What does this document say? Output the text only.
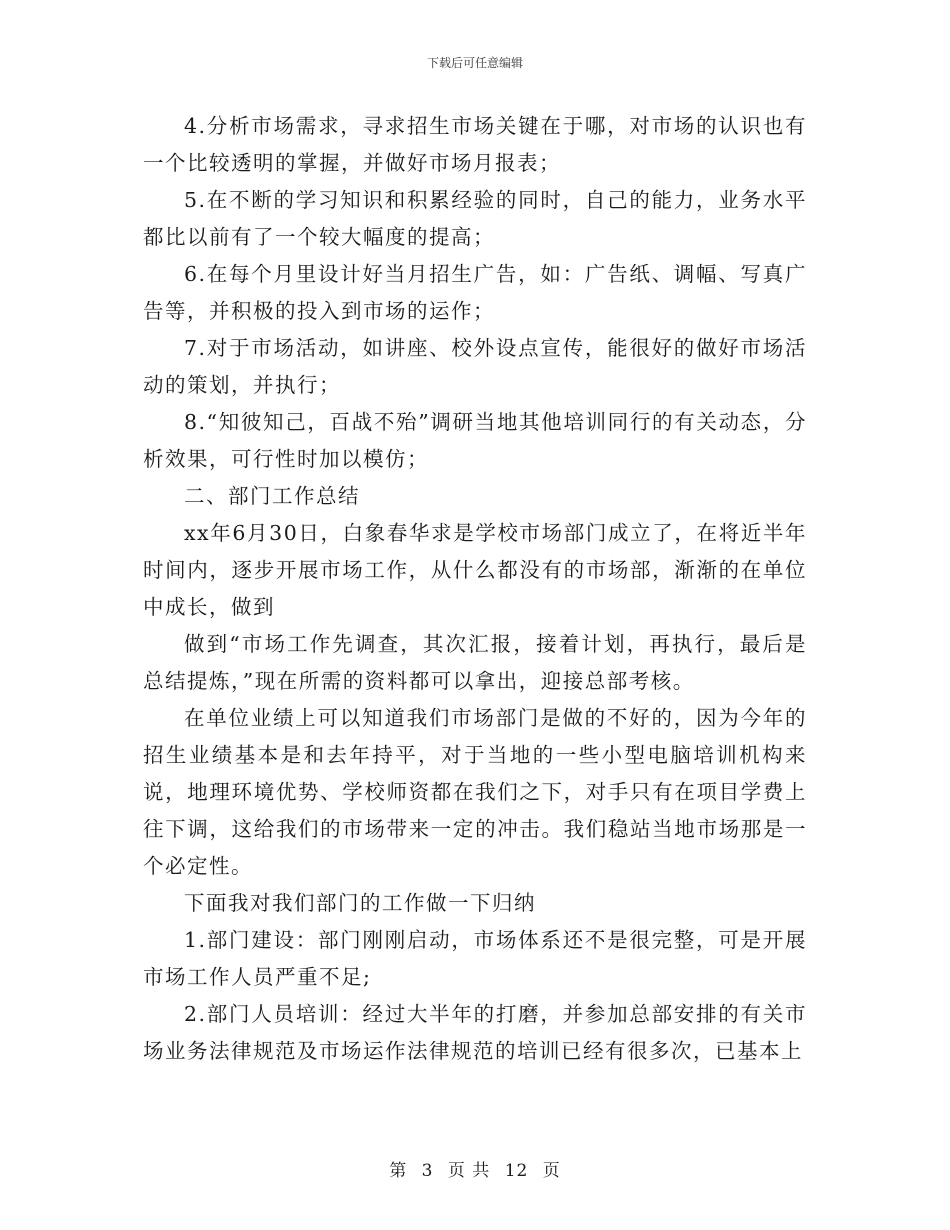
下载后可任意编辑

4.分析市场需求，寻求招生市场关键在于哪，对市场的认识也有一个比较透明的掌握，并做好市场月报表；

5.在不断的学习知识和积累经验的同时，自己的能力，业务水平都比以前有了一个较大幅度的提高；

6.在每个月里设计好当月招生广告，如：广告纸、调幅、写真广告等，并积极的投入到市场的运作；

7.对于市场活动，如讲座、校外设点宣传，能很好的做好市场活动的策划，并执行；

8.“知彼知己，百战不殆”调研当地其他培训同行的有关动态，分析效果，可行性时加以模仿；

二、部门工作总结

xx年6月30日，白象春华求是学校市场部门成立了，在将近半年时间内，逐步开展市场工作，从什么都没有的市场部，渐渐的在单位中成长，做到

做到“市场工作先调查，其次汇报，接着计划，再执行，最后是总结提炼，”现在所需的资料都可以拿出，迎接总部考核。

在单位业绩上可以知道我们市场部门是做的不好的，因为今年的招生业绩基本是和去年持平，对于当地的一些小型电脑培训机构来说，地理环境优势、学校师资都在我们之下，对手只有在项目学费上往下调，这给我们的市场带来一定的冲击。我们稳站当地市场那是一个必定性。

下面我对我们部门的工作做一下归纳

1.部门建设：部门刚刚启动，市场体系还不是很完整，可是开展市场工作人员严重不足;

2.部门人员培训：经过大半年的打磨，并参加总部安排的有关市场业务法律规范及市场运作法律规范的培训已经有很多次，已基本上

第 3 页 共 12 页
